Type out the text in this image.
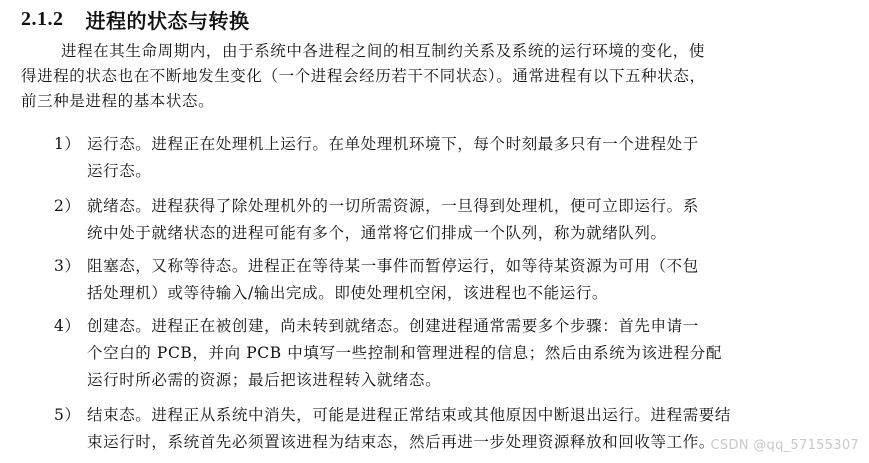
2.1.2 进程的状态与转换
进程在其生命周期内，由于系统中各进程之间的相互制约关系及系统的运行环境的变化，使
得进程的状态也在不断地发生变化（一个进程会经历若干不同状态）。通常进程有以下五种状态，
前三种是进程的基本状态。
1） 运行态。进程正在处理机上运行。在单处理机环境下，每个时刻最多只有一个进程处于
运行态。
2） 就绪态。进程获得了除处理机外的一切所需资源，一旦得到处理机，便可立即运行。系
统中处于就绪状态的进程可能有多个，通常将它们排成一个队列，称为就绪队列。
3） 阻塞态，又称等待态。进程正在等待某一事件而暂停运行，如等待某资源为可用（不包
括处理机）或等待输入/输出完成。即使处理机空闲，该进程也不能运行。
4） 创建态。进程正在被创建，尚未转到就绪态。创建进程通常需要多个步骤：首先申请一
个空白的 PCB，并向 PCB 中填写一些控制和管理进程的信息；然后由系统为该进程分配
运行时所必需的资源；最后把该进程转入就绪态。
5） 结束态。进程正从系统中消失，可能是进程正常结束或其他原因中断退出运行。进程需要结
束运行时，系统首先必须置该进程为结束态，然后再进一步处理资源释放和回收等工作。
CSDN @qq_57155307
